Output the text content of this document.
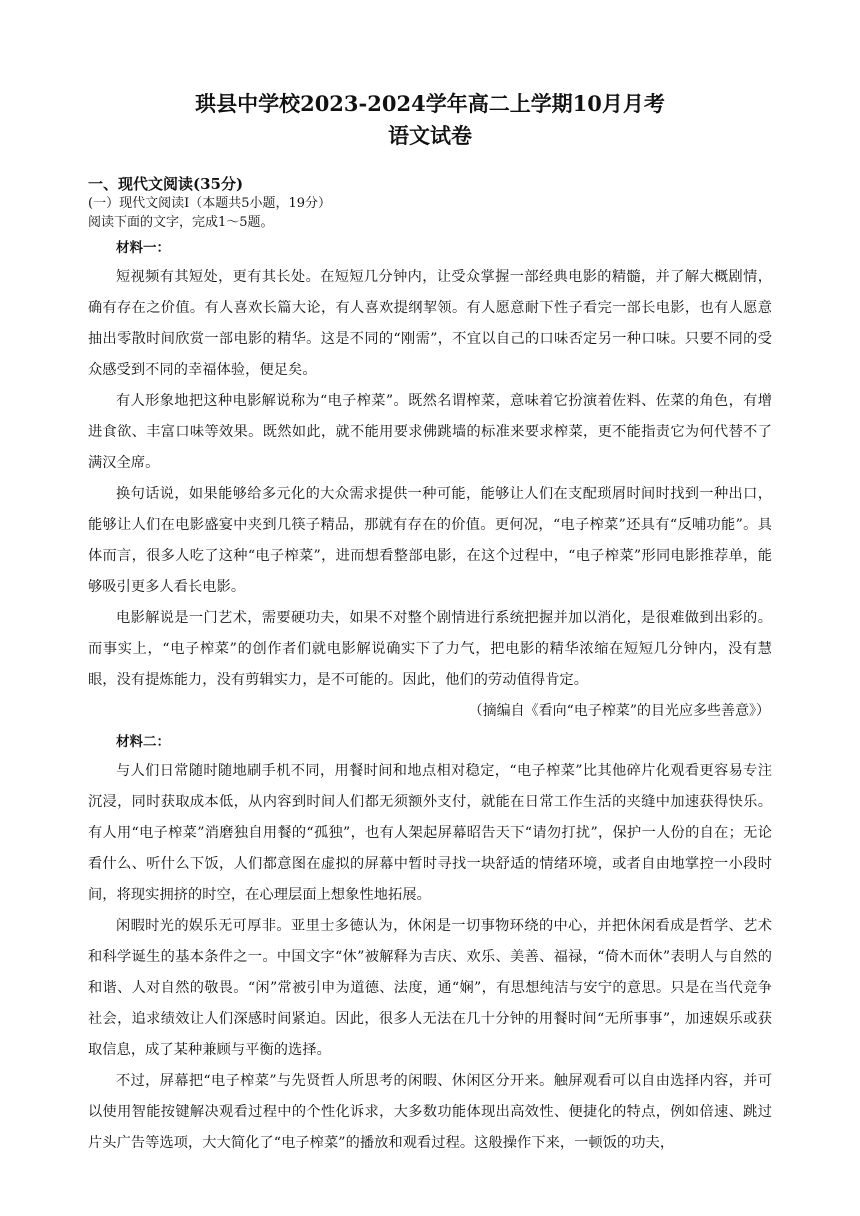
珙县中学校2023-2024学年高二上学期10月月考
语文试卷
一、现代文阅读(35分)
(一）现代文阅读Ⅰ（本题共5小题，19分）
阅读下面的文字，完成1～5题。
材料一：

短视频有其短处，更有其长处。在短短几分钟内，让受众掌握一部经典电影的精髓，并了解大概剧情，确有存在之价值。有人喜欢长篇大论，有人喜欢提纲挈领。有人愿意耐下性子看完一部长电影，也有人愿意抽出零散时间欣赏一部电影的精华。这是不同的“刚需”，不宜以自己的口味否定另一种口味。只要不同的受众感受到不同的幸福体验，便足矣。

有人形象地把这种电影解说称为“电子榨菜”。既然名谓榨菜，意味着它扮演着佐料、佐菜的角色，有增进食欲、丰富口味等效果。既然如此，就不能用要求佛跳墙的标准来要求榨菜，更不能指责它为何代替不了满汉全席。

换句话说，如果能够给多元化的大众需求提供一种可能，能够让人们在支配琐屑时间时找到一种出口，能够让人们在电影盛宴中夹到几筷子精品，那就有存在的价值。更何况，“电子榨菜”还具有“反哺功能”。具体而言，很多人吃了这种“电子榨菜”，进而想看整部电影，在这个过程中，“电子榨菜”形同电影推荐单，能够吸引更多人看长电影。

电影解说是一门艺术，需要硬功夫，如果不对整个剧情进行系统把握并加以消化，是很难做到出彩的。而事实上，“电子榨菜”的创作者们就电影解说确实下了力气，把电影的精华浓缩在短短几分钟内，没有慧眼，没有提炼能力，没有剪辑实力，是不可能的。因此，他们的劳动值得肯定。

（摘编自《看向“电子榨菜”的目光应多些善意》）
材料二：

与人们日常随时随地刷手机不同，用餐时间和地点相对稳定，“电子榨菜”比其他碎片化观看更容易专注沉浸，同时获取成本低，从内容到时间人们都无须额外支付，就能在日常工作生活的夹缝中加速获得快乐。有人用“电子榨菜”消磨独自用餐的“孤独”，也有人架起屏幕昭告天下“请勿打扰”，保护一人份的自在；无论看什么、听什么下饭，人们都意图在虚拟的屏幕中暂时寻找一块舒适的情绪环境，或者自由地掌控一小段时间，将现实拥挤的时空，在心理层面上想象性地拓展。

闲暇时光的娱乐无可厚非。亚里士多德认为，休闲是一切事物环绕的中心，并把休闲看成是哲学、艺术和科学诞生的基本条件之一。中国文字“休”被解释为吉庆、欢乐、美善、福禄，“倚木而休”表明人与自然的和谐、人对自然的敬畏。“闲”常被引申为道德、法度，通“娴”，有思想纯洁与安宁的意思。只是在当代竞争社会，追求绩效让人们深感时间紧迫。因此，很多人无法在几十分钟的用餐时间“无所事事”，加速娱乐或获取信息，成了某种兼顾与平衡的选择。

不过，屏幕把“电子榨菜”与先贤哲人所思考的闲暇、休闲区分开来。触屏观看可以自由选择内容，并可以使用智能按键解决观看过程中的个性化诉求，大多数功能体现出高效性、便捷化的特点，例如倍速、跳过片头广告等选项，大大简化了“电子榨菜”的播放和观看过程。这般操作下来，一顿饭的功夫，
